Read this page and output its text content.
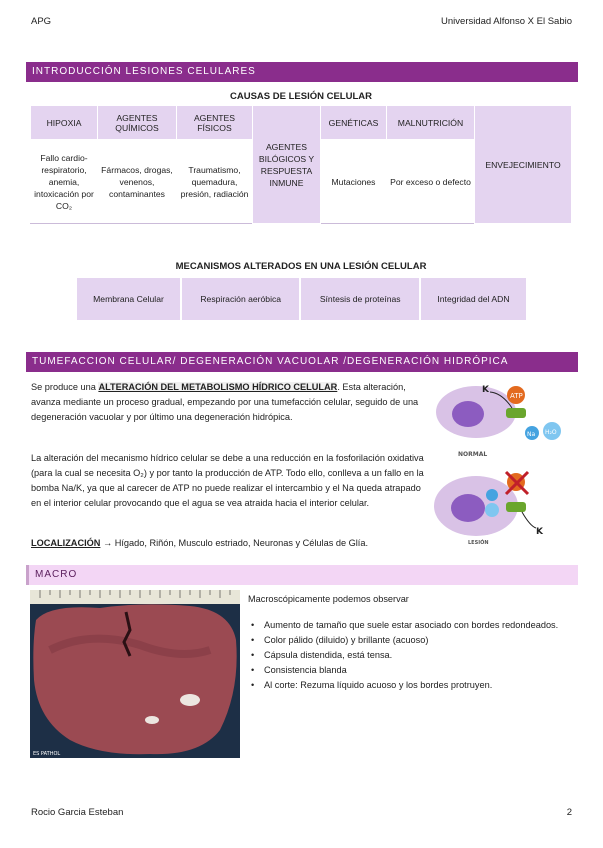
APG	Universidad Alfonso X El Sabio
INTRODUCCIÓN LESIONES CELULARES
CAUSAS DE LESIÓN CELULAR
HIPOXIA	AGENTES QUÍMICOS	AGENTES FÍSICOS	AGENTES BILÓGICOS Y RESPUESTA INMUNE	GENÉTICAS	MALNUTRICIÓN	ENVEJECIMIENTO
Fallo cardio-respiratorio, anemia, intoxicación por CO₂	Fármacos, drogas, venenos, contaminantes	Traumatismo, quemadura, presión, radiación		Mutaciones	Por exceso o defecto	
MECANISMOS ALTERADOS EN UNA LESIÓN CELULAR
Membrana Celular	Respiración aeróbica	Síntesis de proteínas	Integridad del ADN
TUMEFACCION CELULAR/ DEGENERACIÓN VACUOLAR /DEGENERACIÓN HIDRÓPICA
Se produce una ALTERACIÓN DEL METABOLISMO HÍDRICO CELULAR. Esta alteración, avanza mediante un proceso gradual, empezando por una tumefacción celular, seguido de una degeneración vacuolar y por último una degeneración hidrópica.
La alteración del mecanismo hídrico celular se debe a una reducción en la fosforilación oxidativa (para la cual se necesita O₂) y por tanto la producción de ATP. Todo ello, conlleva a un fallo en la bomba Na/K, ya que al carecer de ATP no puede realizar el intercambio y el Na queda atrapado en el interior celular provocando que el agua se vea atraida hacia el interior celular.
LOCALIZACIÓN → Hígado, Riñón, Musculo estriado, Neuronas y Células de Glía.
ATP
K
Na H₂O
NORMAL
K
LESIÓN
MACRO
ES PATHOL
Macroscópicamente podemos observar
• Aumento de tamaño que suele estar asociado con bordes redondeados.
• Color pálido (diluido) y brillante (acuoso)
• Cápsula distendida, está tensa.
• Consistencia blanda
• Al corte: Rezuma líquido acuoso y los bordes protruyen.
Rocio Garcia Esteban	2
